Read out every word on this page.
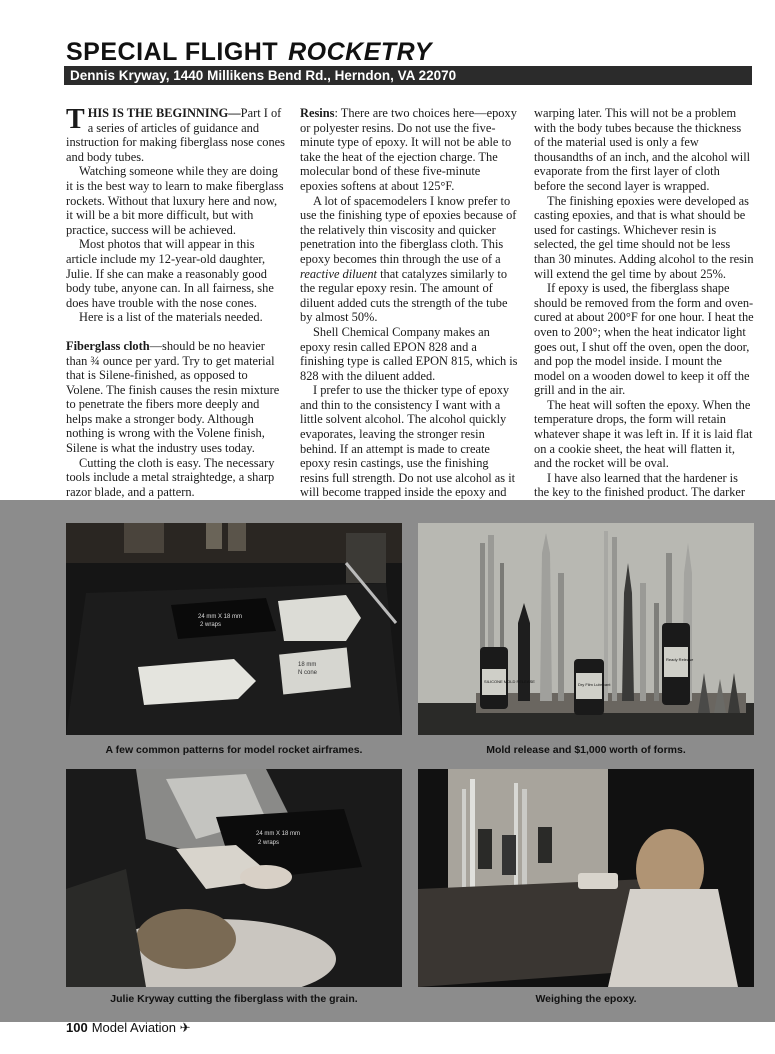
SPECIAL FLIGHT ROCKETRY
Dennis Kryway, 1440 Millikens Bend Rd., Herndon, VA 22070

THIS IS THE BEGINNING—Part I of a series of articles of guidance and instruction for making fiberglass nose cones and body tubes.

Watching someone while they are doing it is the best way to learn to make fiberglass rockets. Without that luxury here and now, it will be a bit more difficult, but with practice, success will be achieved.

Most photos that will appear in this article include my 12-year-old daughter, Julie. If she can make a reasonably good body tube, anyone can. In all fairness, she does have trouble with the nose cones.

Here is a list of the materials needed.

Fiberglass cloth—should be no heavier than ¾ ounce per yard. Try to get material that is Silene-finished, as opposed to Volene. The finish causes the resin mixture to penetrate the fibers more deeply and helps make a stronger body. Although nothing is wrong with the Volene finish, Silene is what the industry uses today.

Cutting the cloth is easy. The necessary tools include a metal straightedge, a sharp razor blade, and a pattern.

Resins: There are two choices here—epoxy or polyester resins. Do not use the five-minute type of epoxy. It will not be able to take the heat of the ejection charge. The molecular bond of these five-minute epoxies softens at about 125°F.

A lot of spacemodelers I know prefer to use the finishing type of epoxies because of the relatively thin viscosity and quicker penetration into the fiberglass cloth. This epoxy becomes thin through the use of a reactive diluent that catalyzes similarly to the regular epoxy resin. The amount of diluent added cuts the strength of the tube by almost 50%.

Shell Chemical Company makes an epoxy resin called EPON 828 and a finishing type is called EPON 815, which is 828 with the diluent added.

I prefer to use the thicker type of epoxy and thin to the consistency I want with a little solvent alcohol. The alcohol quickly evaporates, leaving the stronger resin behind. If an attempt is made to create epoxy resin castings, use the finishing resins full strength. Do not use alcohol as it will become trapped inside the epoxy and

warping later. This will not be a problem with the body tubes because the thickness of the material used is only a few thousandths of an inch, and the alcohol will evaporate from the first layer of cloth before the second layer is wrapped.

The finishing epoxies were developed as casting epoxies, and that is what should be used for castings. Whichever resin is selected, the gel time should not be less than 30 minutes. Adding alcohol to the resin will extend the gel time by about 25%.

If epoxy is used, the fiberglass shape should be removed from the form and oven-cured at about 200°F for one hour. I heat the oven to 200°; when the heat indicator light goes out, I shut off the oven, open the door, and pop the model inside. I mount the model on a wooden dowel to keep it off the grill and in the air.

The heat will soften the epoxy. When the temperature drops, the form will retain whatever shape it was left in. If it is laid flat on a cookie sheet, the heat will flatten it, and the rocket will be oval.

I have also learned that the hardener is the key to the finished product. The darker

24 mm X 18 mm
2 wraps
18 mm
N cone
A few common patterns for model rocket airframes.
SILICONE MOLD RELEASE
Dry Film Lubricant
Ready Release
Mold release and $1,000 worth of forms.
24 mm X 18 mm
2 wraps
Julie Kryway cutting the fiberglass with the grain.	Weighing the epoxy.
100 Model Aviation ✈
